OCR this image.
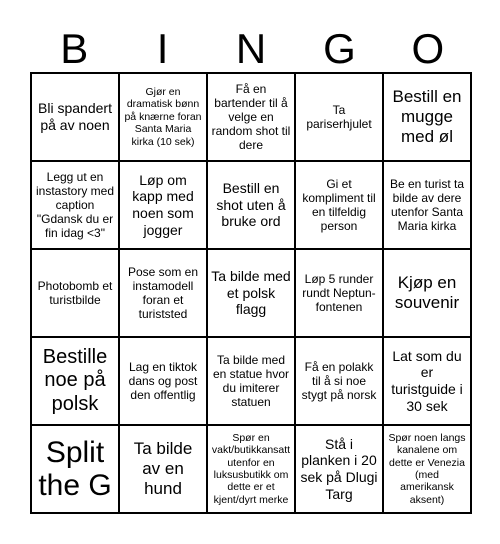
B	I	N	G	O
Bli spandert på av noen
Gjør en dramatisk bønn på knærne foran Santa Maria kirka (10 sek)
Få en bartender til å velge en random shot til dere
Ta pariserhjulet
Bestill en mugge med øl
Legg ut en instastory med caption "Gdansk du er fin idag <3"
Løp om kapp med noen som jogger
Bestill en shot uten å bruke ord
Gi et kompliment til en tilfeldig person
Be en turist ta bilde av dere utenfor Santa Maria kirka
Photobomb et turistbilde
Pose som en instamodell foran et turiststed
Ta bilde med et polsk flagg
Løp 5 runder rundt Neptun-fontenen
Kjøp en souvenir
Bestille noe på polsk
Lag en tiktok dans og post den offentlig
Ta bilde med en statue hvor du imiterer statuen
Få en polakk til å si noe stygt på norsk
Lat som du er turistguide i 30 sek
Split the G
Ta bilde av en hund
Spør en vakt/butikkansatt utenfor en luksusbutikk om dette er et kjent/dyrt merke
Stå i planken i 20 sek på Dlugi Targ
Spør noen langs kanalene om dette er Venezia (med amerikansk aksent)
